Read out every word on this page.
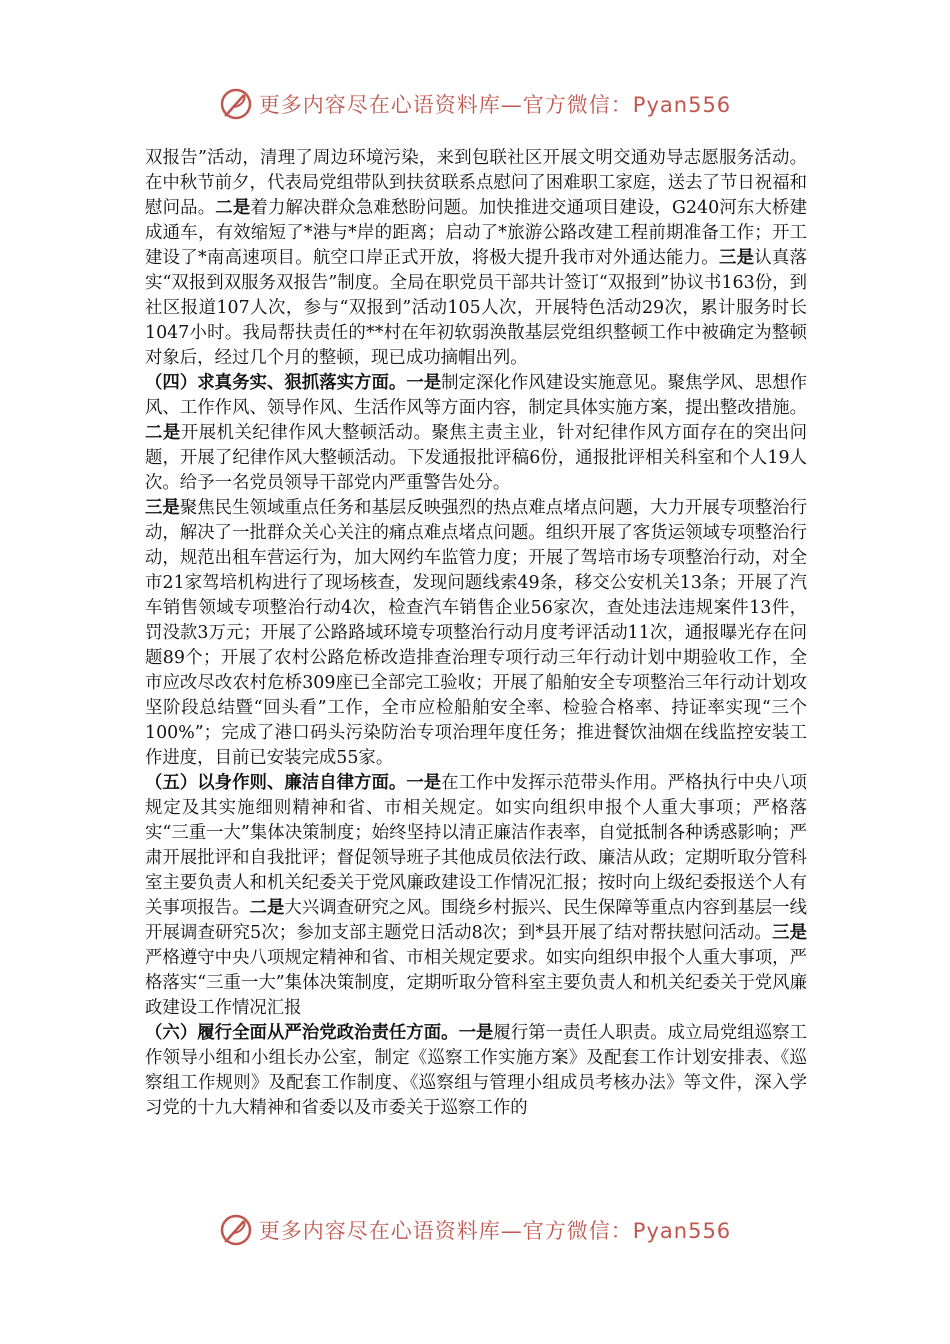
更多内容尽在心语资料库—官方微信：Pyan556

双报告”活动，清理了周边环境污染，来到包联社区开展文明交通劝导志愿服务活动。在中秋节前夕，代表局党组带队到扶贫联系点慰问了困难职工家庭，送去了节日祝福和慰问品。二是着力解决群众急难愁盼问题。加快推进交通项目建设，G240河东大桥建成通车，有效缩短了*港与*岸的距离；启动了*旅游公路改建工程前期准备工作；开工建设了*南高速项目。航空口岸正式开放，将极大提升我市对外通达能力。三是认真落实“双报到双服务双报告”制度。全局在职党员干部共计签订“双报到”协议书163份，到社区报道107人次，参与“双报到”活动105人次，开展特色活动29次，累计服务时长1047小时。我局帮扶责任的**村在年初软弱涣散基层党组织整顿工作中被确定为整顿对象后，经过几个月的整顿，现已成功摘帽出列。

（四）求真务实、狠抓落实方面。一是制定深化作风建设实施意见。聚焦学风、思想作风、工作作风、领导作风、生活作风等方面内容，制定具体实施方案，提出整改措施。二是开展机关纪律作风大整顿活动。聚焦主责主业，针对纪律作风方面存在的突出问题，开展了纪律作风大整顿活动。下发通报批评稿6份，通报批评相关科室和个人19人次。给予一名党员领导干部党内严重警告处分。

三是聚焦民生领域重点任务和基层反映强烈的热点难点堵点问题，大力开展专项整治行动，解决了一批群众关心关注的痛点难点堵点问题。组织开展了客货运领域专项整治行动，规范出租车营运行为，加大网约车监管力度；开展了驾培市场专项整治行动，对全市21家驾培机构进行了现场核查，发现问题线索49条，移交公安机关13条；开展了汽车销售领域专项整治行动4次，检查汽车销售企业56家次，查处违法违规案件13件，罚没款3万元；开展了公路路域环境专项整治行动月度考评活动11次，通报曝光存在问题89个；开展了农村公路危桥改造排查治理专项行动三年行动计划中期验收工作，全市应改尽改农村危桥309座已全部完工验收；开展了船舶安全专项整治三年行动计划攻坚阶段总结暨“回头看”工作，全市应检船舶安全率、检验合格率、持证率实现“三个100%”；完成了港口码头污染防治专项治理年度任务；推进餐饮油烟在线监控安装工作进度，目前已安装完成55家。

（五）以身作则、廉洁自律方面。一是在工作中发挥示范带头作用。严格执行中央八项规定及其实施细则精神和省、市相关规定。如实向组织申报个人重大事项；严格落实“三重一大”集体决策制度；始终坚持以清正廉洁作表率，自觉抵制各种诱惑影响；严肃开展批评和自我批评；督促领导班子其他成员依法行政、廉洁从政；定期听取分管科室主要负责人和机关纪委关于党风廉政建设工作情况汇报；按时向上级纪委报送个人有关事项报告。二是大兴调查研究之风。围绕乡村振兴、民生保障等重点内容到基层一线开展调查研究5次；参加支部主题党日活动8次；到*县开展了结对帮扶慰问活动。三是严格遵守中央八项规定精神和省、市相关规定要求。如实向组织申报个人重大事项，严格落实“三重一大”集体决策制度，定期听取分管科室主要负责人和机关纪委关于党风廉政建设工作情况汇报

（六）履行全面从严治党政治责任方面。一是履行第一责任人职责。成立局党组巡察工作领导小组和小组长办公室，制定《巡察工作实施方案》及配套工作计划安排表、《巡察组工作规则》及配套工作制度、《巡察组与管理小组成员考核办法》等文件，深入学习党的十九大精神和省委以及市委关于巡察工作的

更多内容尽在心语资料库—官方微信：Pyan556
